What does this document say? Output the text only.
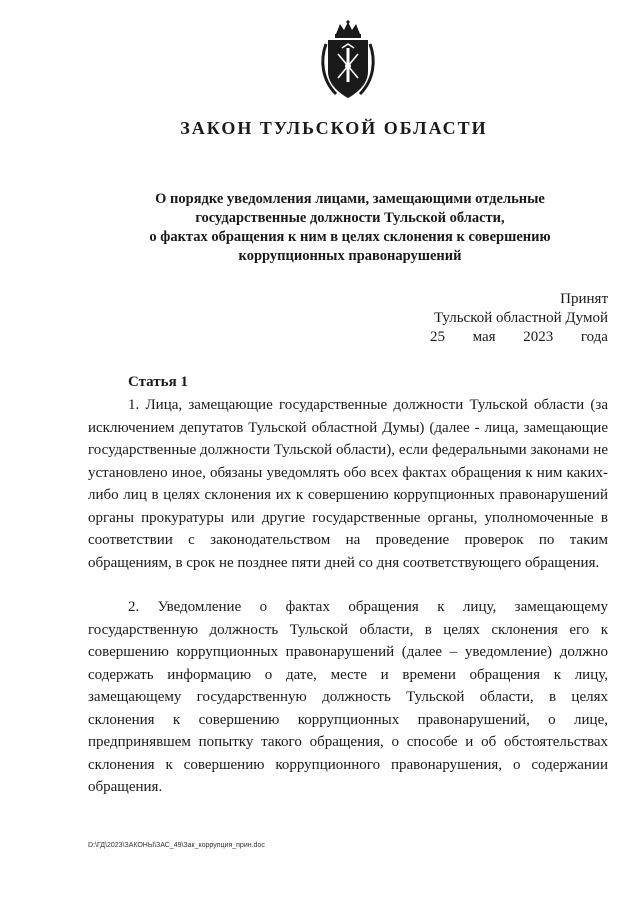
ЗАКОН ТУЛЬСКОЙ ОБЛАСТИ
О порядке уведомления лицами, замещающими отдельные
государственные должности Тульской области,
о фактах обращения к ним в целях склонения к совершению
коррупционных правонарушений
Принят
Тульской областной Думой
25 мая 2023 года
Статья 1

1. Лица, замещающие государственные должности Тульской области (за исключением депутатов Тульской областной Думы) (далее - лица, замещающие государственные должности Тульской области), если федеральными законами не установлено иное, обязаны уведомлять обо всех фактах обращения к ним каких-либо лиц в целях склонения их к совершению коррупционных правонарушений органы прокуратуры или другие государственные органы, уполномоченные в соответствии с законодательством на проведение проверок по таким обращениям, в срок не позднее пяти дней со дня соответствующего обращения.

2. Уведомление о фактах обращения к лицу, замещающему государственную должность Тульской области, в целях склонения его к совершению коррупционных правонарушений (далее – уведомление) должно содержать информацию о дате, месте и времени обращения к лицу, замещающему государственную должность Тульской области, в целях склонения к совершению коррупционных правонарушений, о лице, предпринявшем попытку такого обращения, о способе и об обстоятельствах склонения к совершению коррупционного правонарушения, о содержании обращения.

D:\ГД\2023\ЗАКОНЫ\ЗАС_49\Зак_коррупция_прин.doc
